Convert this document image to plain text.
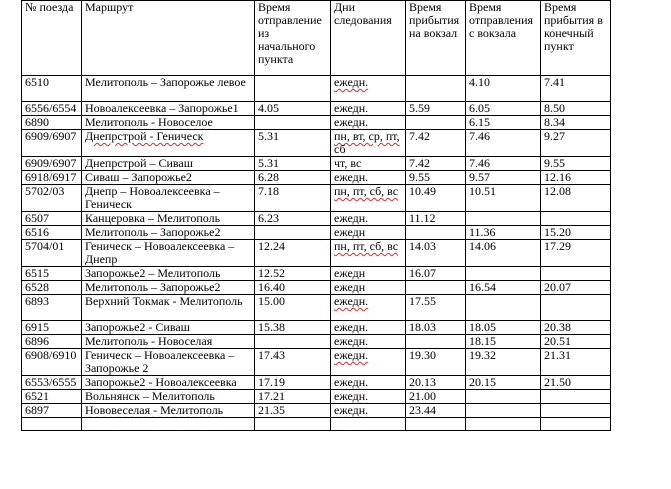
№ поезда	Маршрут	Время отправление из начального пункта	Дни следования	Время прибытия на вокзал	Время отправления с вокзала	Время прибытия в конечный пункт
6510	Мелитополь – Запорожье левое		ежедн.		4.10	7.41
6556/6554	Новоалексеевка – Запорожье1	4.05	ежедн.	5.59	6.05	8.50
6890	Мелитополь - Новоселое		ежедн.		6.15	8.34
6909/6907	Днепрстрой - Геническ	5.31	пн, вт, ср, пт, сб	7.42	7.46	9.27
6909/6907	Днепрстрой – Сиваш	5.31	чт, вс	7.42	7.46	9.55
6918/6917	Сиваш – Запорожье2	6.28	ежедн.	9.55	9.57	12.16
5702/03	Днепр – Новоалексеевка – Геническ	7.18	пн, пт, сб, вс	10.49	10.51	12.08
6507	Канцеровка – Мелитополь	6.23	ежедн.	11.12		
6516	Мелитополь – Запорожье2		ежедн		11.36	15.20
5704/01	Геническ – Новоалексеевка – Днепр	12.24	пн, пт, сб, вс	14.03	14.06	17.29
6515	Запорожье2 – Мелитополь	12.52	ежедн	16.07		
6528	Мелитополь – Запорожье2	16.40	ежедн		16.54	20.07
6893	Верхний Токмак - Мелитополь	15.00	ежедн.	17.55		
6915	Запорожье2 - Сиваш	15.38	ежедн.	18.03	18.05	20.38
6896	Мелитополь - Новоселая		ежедн.		18.15	20.51
6908/6910	Геническ – Новоалексеевка – Запорожье 2	17.43	ежедн.	19.30	19.32	21.31
6553/6555	Запорожье2 - Новоалексеевка	17.19	ежедн.	20.13	20.15	21.50
6521	Вольнянск – Мелитополь	17.21	ежедн.	21.00		
6897	Нововеселая - Мелитополь	21.35	ежедн.	23.44		
